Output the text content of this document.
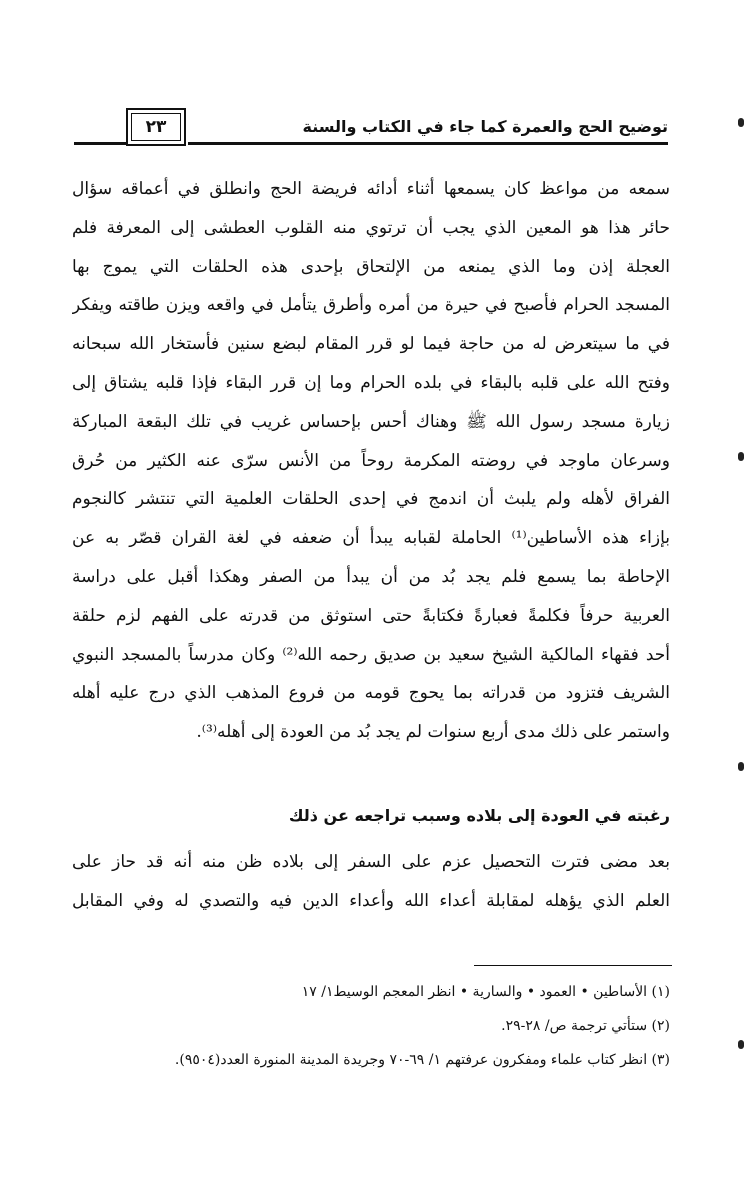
توضيح الحج والعمرة كما جاء في الكتاب والسنة
٢٣
سمعه من مواعظ كان يسمعها أثناء أدائه فريضة الحج وانطلق في أعماقه سؤال
حائر هذا هو المعين الذي يجب أن ترتوي منه القلوب العطشى إلى المعرفة فلم
العجلة إذن وما الذي يمنعه من الإلتحاق بإحدى هذه الحلقات التي يموج بها
المسجد الحرام فأصبح في حيرة من أمره وأطرق يتأمل في واقعه ويزن طاقته ويفكر
في ما سيتعرض له من حاجة فيما لو قرر المقام لبضع سنين فأستخار الله سبحانه
وفتح الله على قلبه بالبقاء في بلده الحرام وما إن قرر البقاء فإذا قلبه يشتاق إلى
زيارة مسجد رسول الله ﷺ وهناك أحس بإحساس غريب في تلك البقعة المباركة
وسرعان ماوجد في روضته المكرمة روحاً من الأنس سرّى عنه الكثير من حُرق
الفراق لأهله ولم يلبث أن اندمج في إحدى الحلقات العلمية التي تنتشر كالنجوم
بإزاء هذه الأساطين⁽¹⁾ الحاملة لقبابه يبدأ أن ضعفه في لغة القران قصّر به عن
الإحاطة بما يسمع فلم يجد بُد من أن يبدأ من الصفر وهكذا أقبل على دراسة
العربية حرفاً فكلمةً فعبارةً فكتابةً حتى استوثق من قدرته على الفهم لزم حلقة
أحد فقهاء المالكية الشيخ سعيد بن صديق رحمه الله⁽²⁾ وكان مدرساً بالمسجد النبوي
الشريف فتزود من قدراته بما يحوج قومه من فروع المذهب الذي درج عليه أهله
واستمر على ذلك مدى أربع سنوات لم يجد بُد من العودة إلى أهله⁽³⁾.
رغبته في العودة إلى بلاده وسبب تراجعه عن ذلك
بعد مضى فترت التحصيل عزم على السفر إلى بلاده ظن منه أنه قد حاز على
العلم الذي يؤهله لمقابلة أعداء الله وأعداء الدين فيه والتصدي له وفي المقابل
(١) الأساطين • العمود • والسارية • انظر المعجم الوسيط١/ ١٧
(٢) ستأتي ترجمة ص/ ٢٨-٢٩.
(٣) انظر كتاب علماء ومفكرون عرفتهم ١/ ٦٩-٧٠ وجريدة المدينة المنورة العدد(٩٥٠٤).
